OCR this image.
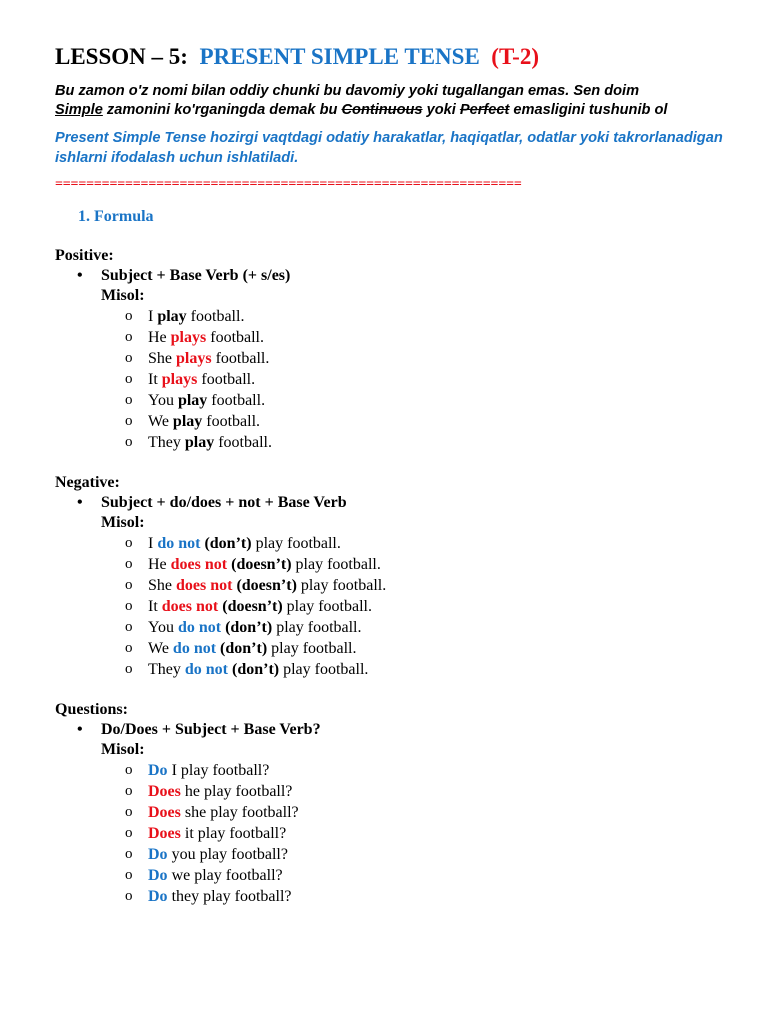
LESSON – 5: PRESENT SIMPLE TENSE (T-2)
Bu zamon o'z nomi bilan oddiy chunki bu davomiy yoki tugallangan emas. Sen doim
Simple zamonini ko'rganingda demak bu Continuous yoki Perfect emasligini tushunib ol
Present Simple Tense hozirgi vaqtdagi odatiy harakatlar, haqiqatlar, odatlar yoki takrorlanadigan ishlarni ifodalash uchun ishlatiladi.
============================================================
1. Formula
Positive:
• Subject + Base Verb (+ s/es)
Misol:
o I play football.
o He plays football.
o She plays football.
o It plays football.
o You play football.
o We play football.
o They play football.
Negative:
• Subject + do/does + not + Base Verb
Misol:
o I do not (don’t) play football.
o He does not (doesn’t) play football.
o She does not (doesn’t) play football.
o It does not (doesn’t) play football.
o You do not (don’t) play football.
o We do not (don’t) play football.
o They do not (don’t) play football.
Questions:
• Do/Does + Subject + Base Verb?
Misol:
o Do I play football?
o Does he play football?
o Does she play football?
o Does it play football?
o Do you play football?
o Do we play football?
o Do they play football?
